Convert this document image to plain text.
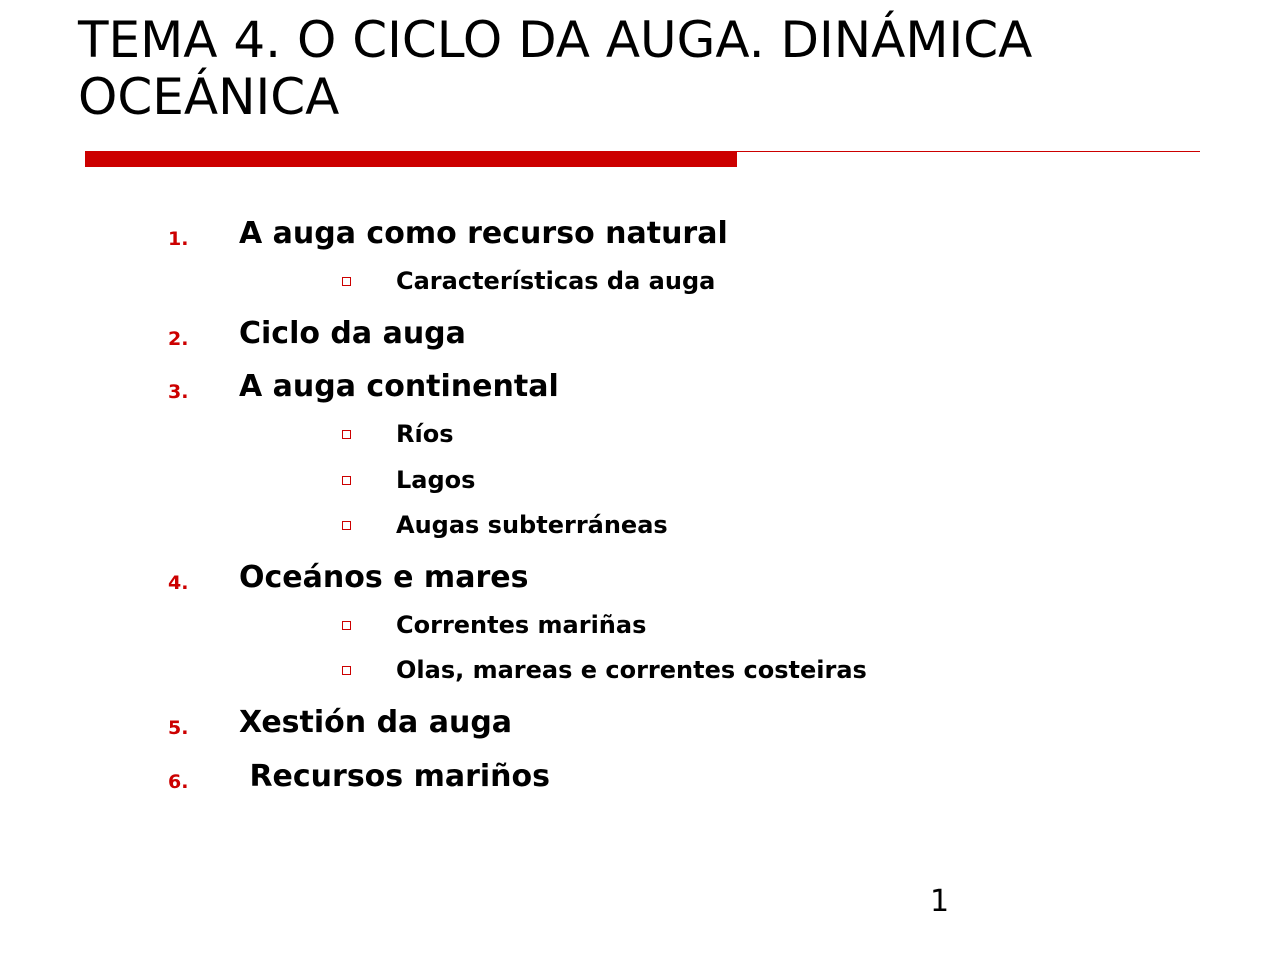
TEMA 4. O CICLO DA AUGA. DINÁMICA OCEÁNICA
1. A auga como recurso natural
Características da auga
2. Ciclo da auga
3. A auga continental
Ríos
Lagos
Augas subterráneas
4. Oceános e mares
Correntes mariñas
Olas, mareas e correntes costeiras
5. Xestión da auga
6. Recursos mariños
1
